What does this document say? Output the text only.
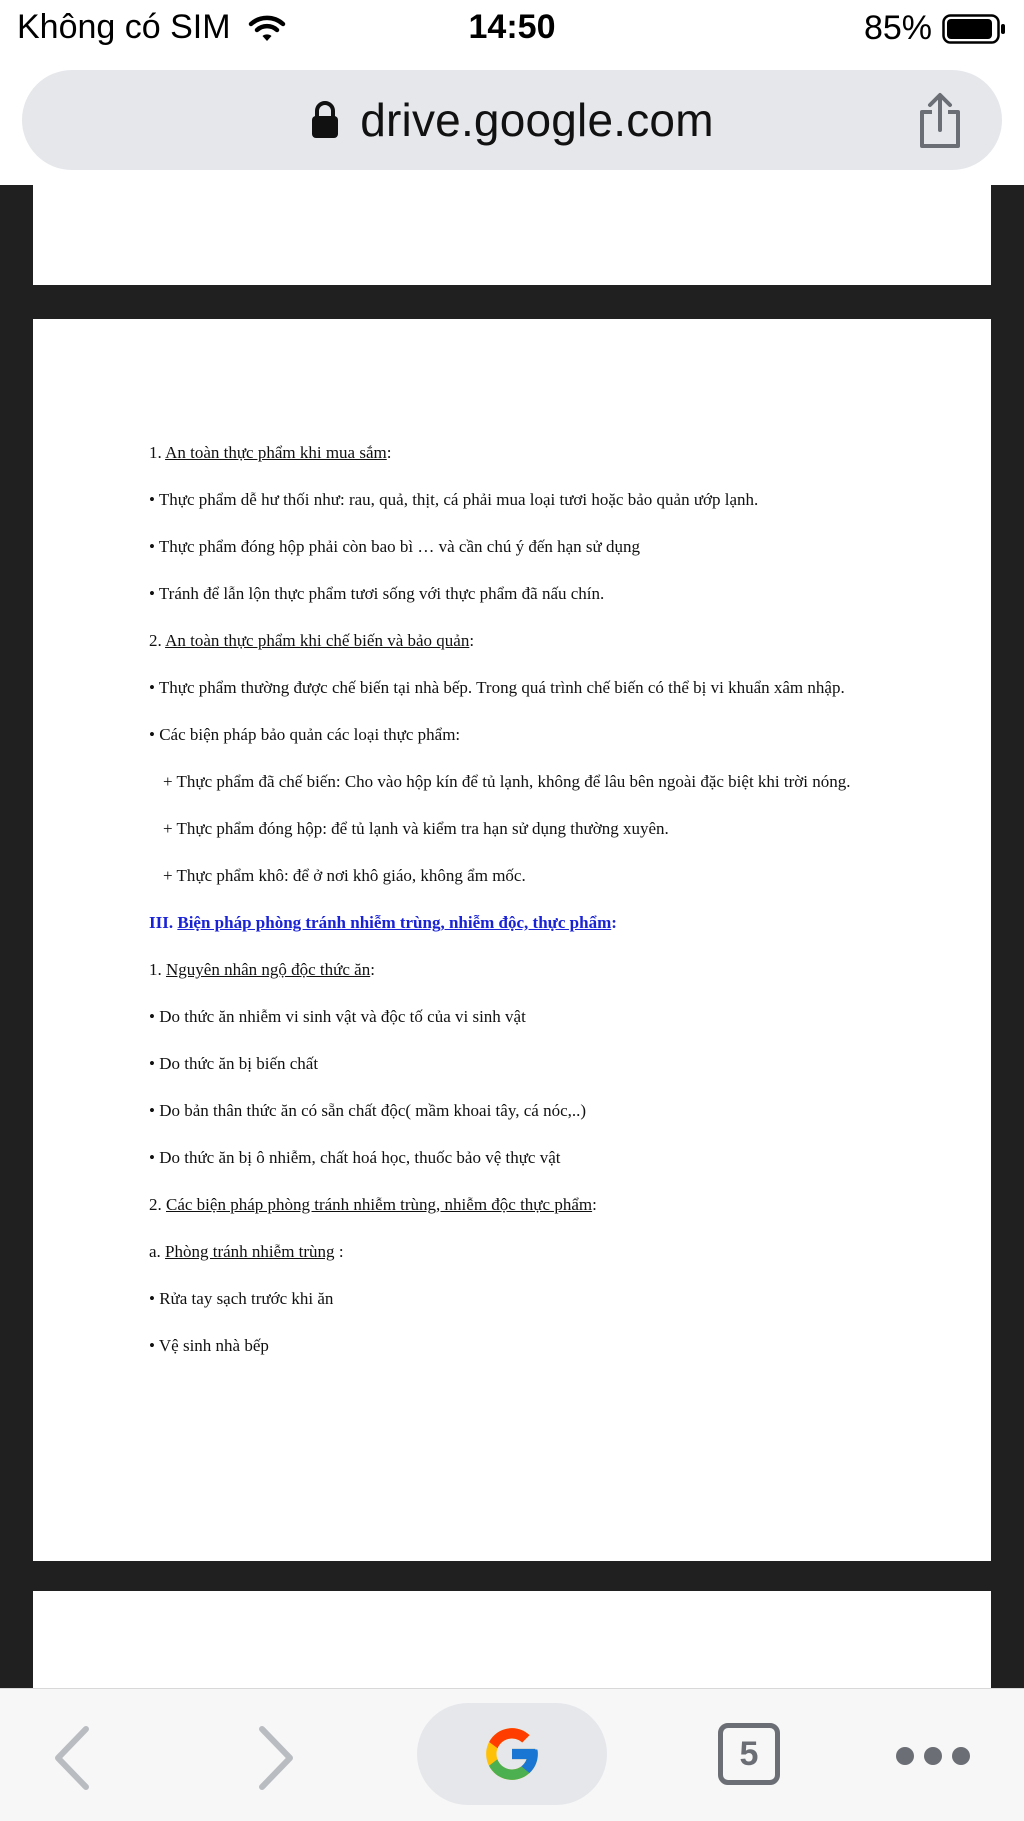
Không có SIM	14:50	85%
drive.google.com

1. An toàn thực phẩm khi mua sắm:

• Thực phẩm dễ hư thối như: rau, quả, thịt, cá phải mua loại tươi hoặc bảo quản ướp lạnh.

• Thực phẩm đóng hộp phải còn bao bì … và cần chú ý đến hạn sử dụng

• Tránh để lẫn lộn thực phẩm tươi sống với thực phẩm đã nấu chín.

2. An toàn thực phẩm khi chế biến và bảo quản:

• Thực phẩm thường được chế biến tại nhà bếp. Trong quá trình chế biến có thể bị vi khuẩn xâm nhập.

• Các biện pháp bảo quản các loại thực phẩm:

+ Thực phẩm đã chế biến: Cho vào hộp kín để tủ lạnh, không để lâu bên ngoài đặc biệt khi trời nóng.

+ Thực phẩm đóng hộp: để tủ lạnh và kiểm tra hạn sử dụng thường xuyên.

+ Thực phẩm khô: để ở nơi khô giáo, không ẩm mốc.

III. Biện pháp phòng tránh nhiễm trùng, nhiễm độc, thực phẩm:

1. Nguyên nhân ngộ độc thức ăn:

• Do thức ăn nhiễm vi sinh vật và độc tố của vi sinh vật

• Do thức ăn bị biến chất

• Do bản thân thức ăn có sẵn chất độc( mầm khoai tây, cá nóc,..)

• Do thức ăn bị ô nhiễm, chất hoá học, thuốc bảo vệ thực vật

2. Các biện pháp phòng tránh nhiễm trùng, nhiễm độc thực phẩm:

a. Phòng tránh nhiễm trùng :

• Rửa tay sạch trước khi ăn

• Vệ sinh nhà bếp

5
